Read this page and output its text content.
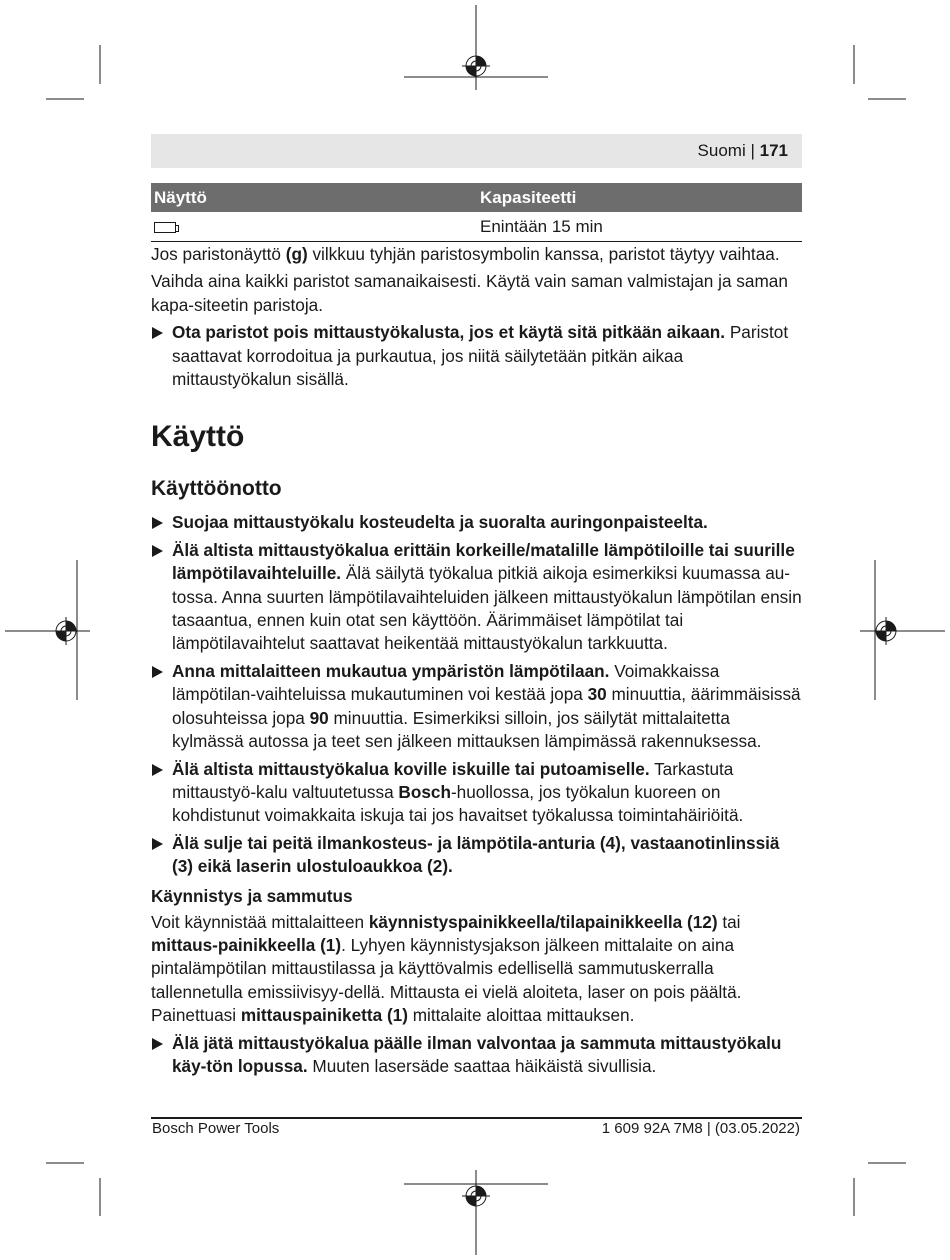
Suomi | 171
Näyttö	Kapasiteetti
Enintään 15 min

Jos paristonäyttö (g) vilkkuu tyhjän paristosymbolin kanssa, paristot täytyy vaihtaa.

Vaihda aina kaikki paristot samanaikaisesti. Käytä vain saman valmistajan ja saman kapa-siteetin paristoja.

Ota paristot pois mittaustyökalusta, jos et käytä sitä pitkään aikaan. Paristot saattavat korrodoitua ja purkautua, jos niitä säilytetään pitkän aikaa mittaustyökalun sisällä.
Käyttö
Käyttöönotto
Suojaa mittaustyökalu kosteudelta ja suoralta auringonpaisteelta.
Älä altista mittaustyökalua erittäin korkeille/matalille lämpötiloille tai suurille lämpötilavaihteluille. Älä säilytä työkalua pitkiä aikoja esimerkiksi kuumassa au-tossa. Anna suurten lämpötilavaihteluiden jälkeen mittaustyökalun lämpötilan ensin tasaantua, ennen kuin otat sen käyttöön. Äärimmäiset lämpötilat tai lämpötilavaihtelut saattavat heikentää mittaustyökalun tarkkuutta.
Anna mittalaitteen mukautua ympäristön lämpötilaan. Voimakkaissa lämpötilan-vaihteluissa mukautuminen voi kestää jopa 30 minuuttia, äärimmäisissä olosuhteissa jopa 90 minuuttia. Esimerkiksi silloin, jos säilytät mittalaitetta kylmässä autossa ja teet sen jälkeen mittauksen lämpimässä rakennuksessa.
Älä altista mittaustyökalua koville iskuille tai putoamiselle. Tarkastuta mittaustyö-kalu valtuutetussa Bosch-huollossa, jos työkalun kuoreen on kohdistunut voimakkaita iskuja tai jos havaitset työkalussa toimintahäiriöitä.
Älä sulje tai peitä ilmankosteus- ja lämpötila-anturia (4), vastaanotinlinssiä (3) eikä laserin ulostuloaukkoa (2).
Käynnistys ja sammutus

Voit käynnistää mittalaitteen käynnistyspainikkeella/tilapainikkeella (12) tai mittaus-painikkeella (1). Lyhyen käynnistysjakson jälkeen mittalaite on aina pintalämpötilan mittaustilassa ja käyttövalmis edellisellä sammutuskerralla tallennetulla emissiivisyy-dellä. Mittausta ei vielä aloiteta, laser on pois päältä. Painettuasi mittauspainiketta (1) mittalaite aloittaa mittauksen.

Älä jätä mittaustyökalua päälle ilman valvontaa ja sammuta mittaustyökalu käy-tön lopussa. Muuten lasersäde saattaa häikäistä sivullisia.
Bosch Power Tools	1 609 92A 7M8 | (03.05.2022)
